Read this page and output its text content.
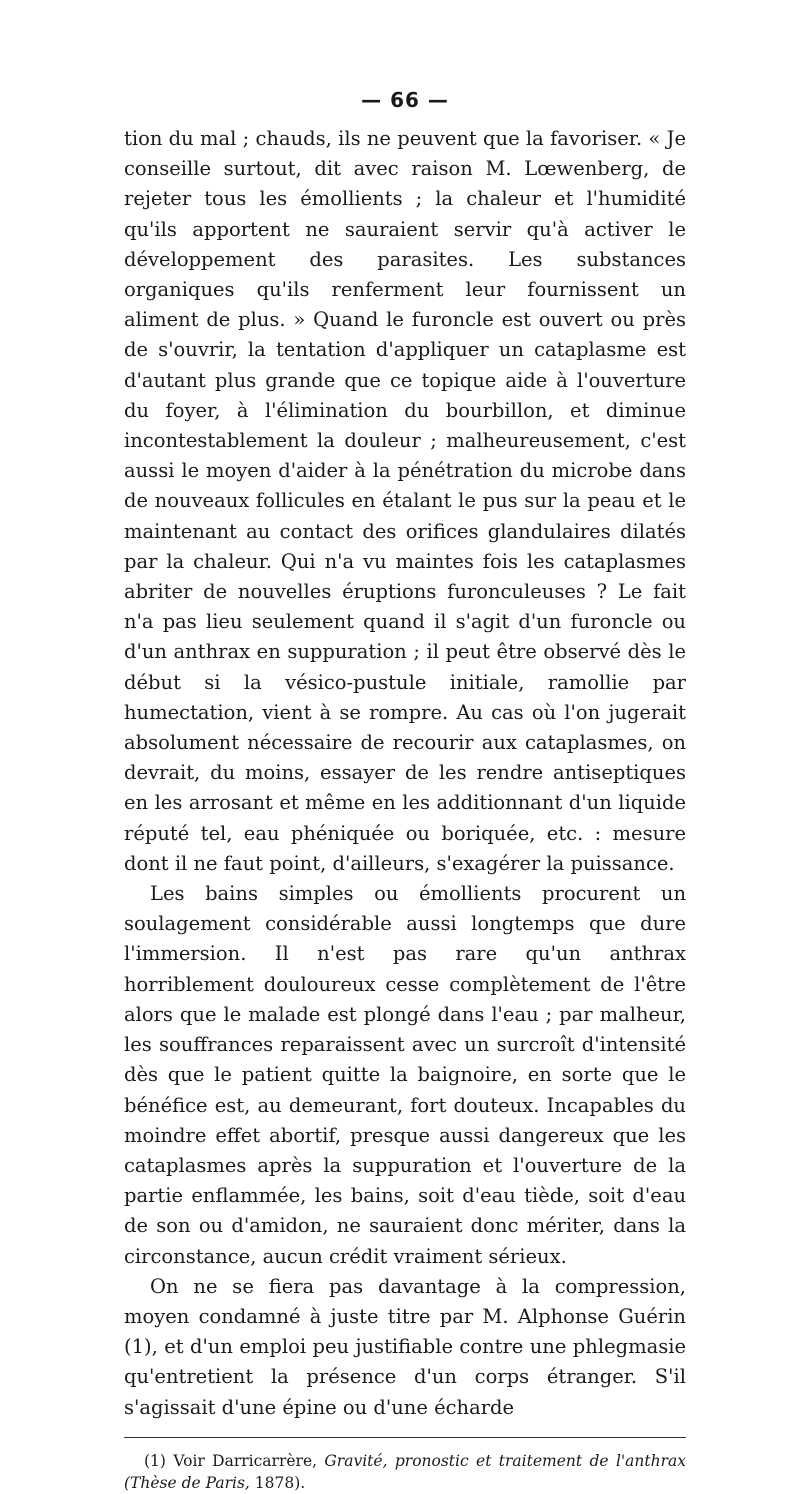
— 66 —

tion du mal ; chauds, ils ne peuvent que la favoriser. « Je conseille surtout, dit avec raison M. Lœwenberg, de rejeter tous les émollients ; la chaleur et l'humidité qu'ils apportent ne sauraient servir qu'à activer le développement des parasites. Les substances organiques qu'ils renferment leur fournissent un aliment de plus. » Quand le furoncle est ouvert ou près de s'ouvrir, la tentation d'appliquer un cataplasme est d'autant plus grande que ce topique aide à l'ouverture du foyer, à l'élimination du bourbillon, et diminue incontestablement la douleur ; malheureusement, c'est aussi le moyen d'aider à la pénétration du microbe dans de nouveaux follicules en étalant le pus sur la peau et le maintenant au contact des orifices glandulaires dilatés par la chaleur. Qui n'a vu maintes fois les cataplasmes abriter de nouvelles éruptions furonculeuses ? Le fait n'a pas lieu seulement quand il s'agit d'un furoncle ou d'un anthrax en suppuration ; il peut être observé dès le début si la vésico-pustule initiale, ramollie par humectation, vient à se rompre. Au cas où l'on jugerait absolument nécessaire de recourir aux cataplasmes, on devrait, du moins, essayer de les rendre antiseptiques en les arrosant et même en les additionnant d'un liquide réputé tel, eau phéniquée ou boriquée, etc. : mesure dont il ne faut point, d'ailleurs, s'exagérer la puissance.

Les bains simples ou émollients procurent un soulagement considérable aussi longtemps que dure l'immersion. Il n'est pas rare qu'un anthrax horriblement douloureux cesse complètement de l'être alors que le malade est plongé dans l'eau ; par malheur, les souffrances reparaissent avec un surcroît d'intensité dès que le patient quitte la baignoire, en sorte que le bénéfice est, au demeurant, fort douteux. Incapables du moindre effet abortif, presque aussi dangereux que les cataplasmes après la suppuration et l'ouverture de la partie enflammée, les bains, soit d'eau tiède, soit d'eau de son ou d'amidon, ne sauraient donc mériter, dans la circonstance, aucun crédit vraiment sérieux.

On ne se fiera pas davantage à la compression, moyen condamné à juste titre par M. Alphonse Guérin (1), et d'un emploi peu justifiable contre une phlegmasie qu'entretient la présence d'un corps étranger. S'il s'agissait d'une épine ou d'une écharde

(1) Voir Darricarrère, Gravité, pronostic et traitement de l'anthrax (Thèse de Paris, 1878).
